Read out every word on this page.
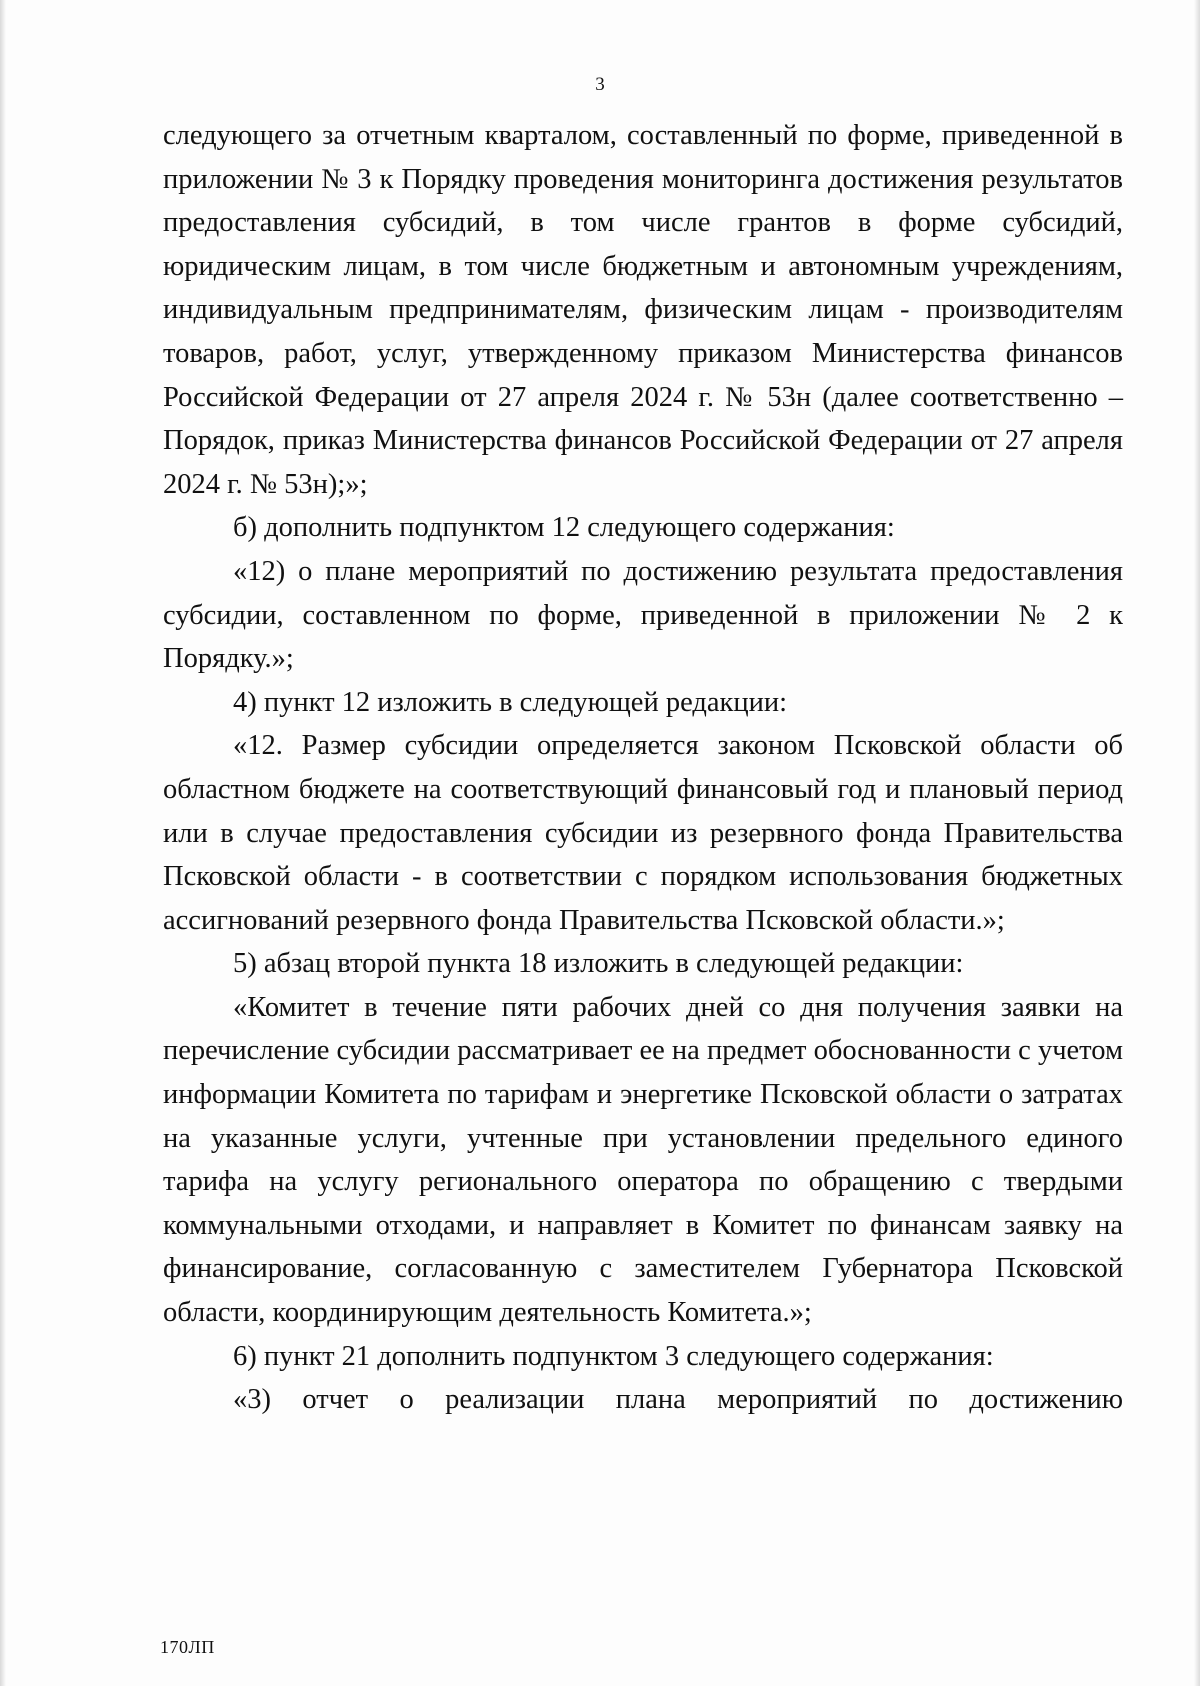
3

следующего за отчетным кварталом, составленный по форме, приведенной в приложении № 3 к Порядку проведения мониторинга достижения результатов предоставления субсидий, в том числе грантов в форме субсидий, юридическим лицам, в том числе бюджетным и автономным учреждениям, индивидуальным предпринимателям, физическим лицам - производителям товаров, работ, услуг, утвержденному приказом Министерства финансов Российской Федерации от 27 апреля 2024 г. № 53н (далее соответственно – Порядок, приказ Министерства финансов Российской Федерации от 27 апреля 2024 г. № 53н);»;

б) дополнить подпунктом 12 следующего содержания:

«12) о плане мероприятий по достижению результата предоставления субсидии, составленном по форме, приведенной в приложении № 2 к Порядку.»;

4) пункт 12 изложить в следующей редакции:

«12. Размер субсидии определяется законом Псковской области об областном бюджете на соответствующий финансовый год и плановый период или в случае предоставления субсидии из резервного фонда Правительства Псковской области - в соответствии с порядком использования бюджетных ассигнований резервного фонда Правительства Псковской области.»;

5) абзац второй пункта 18 изложить в следующей редакции:

«Комитет в течение пяти рабочих дней со дня получения заявки на перечисление субсидии рассматривает ее на предмет обоснованности с учетом информации Комитета по тарифам и энергетике Псковской области о затратах на указанные услуги, учтенные при установлении предельного единого тарифа на услугу регионального оператора по обращению с твердыми коммунальными отходами, и направляет в Комитет по финансам заявку на финансирование, согласованную с заместителем Губернатора Псковской области, координирующим деятельность Комитета.»;

6) пункт 21 дополнить подпунктом 3 следующего содержания:

«3) отчет о реализации плана мероприятий по достижению

170ЛП
